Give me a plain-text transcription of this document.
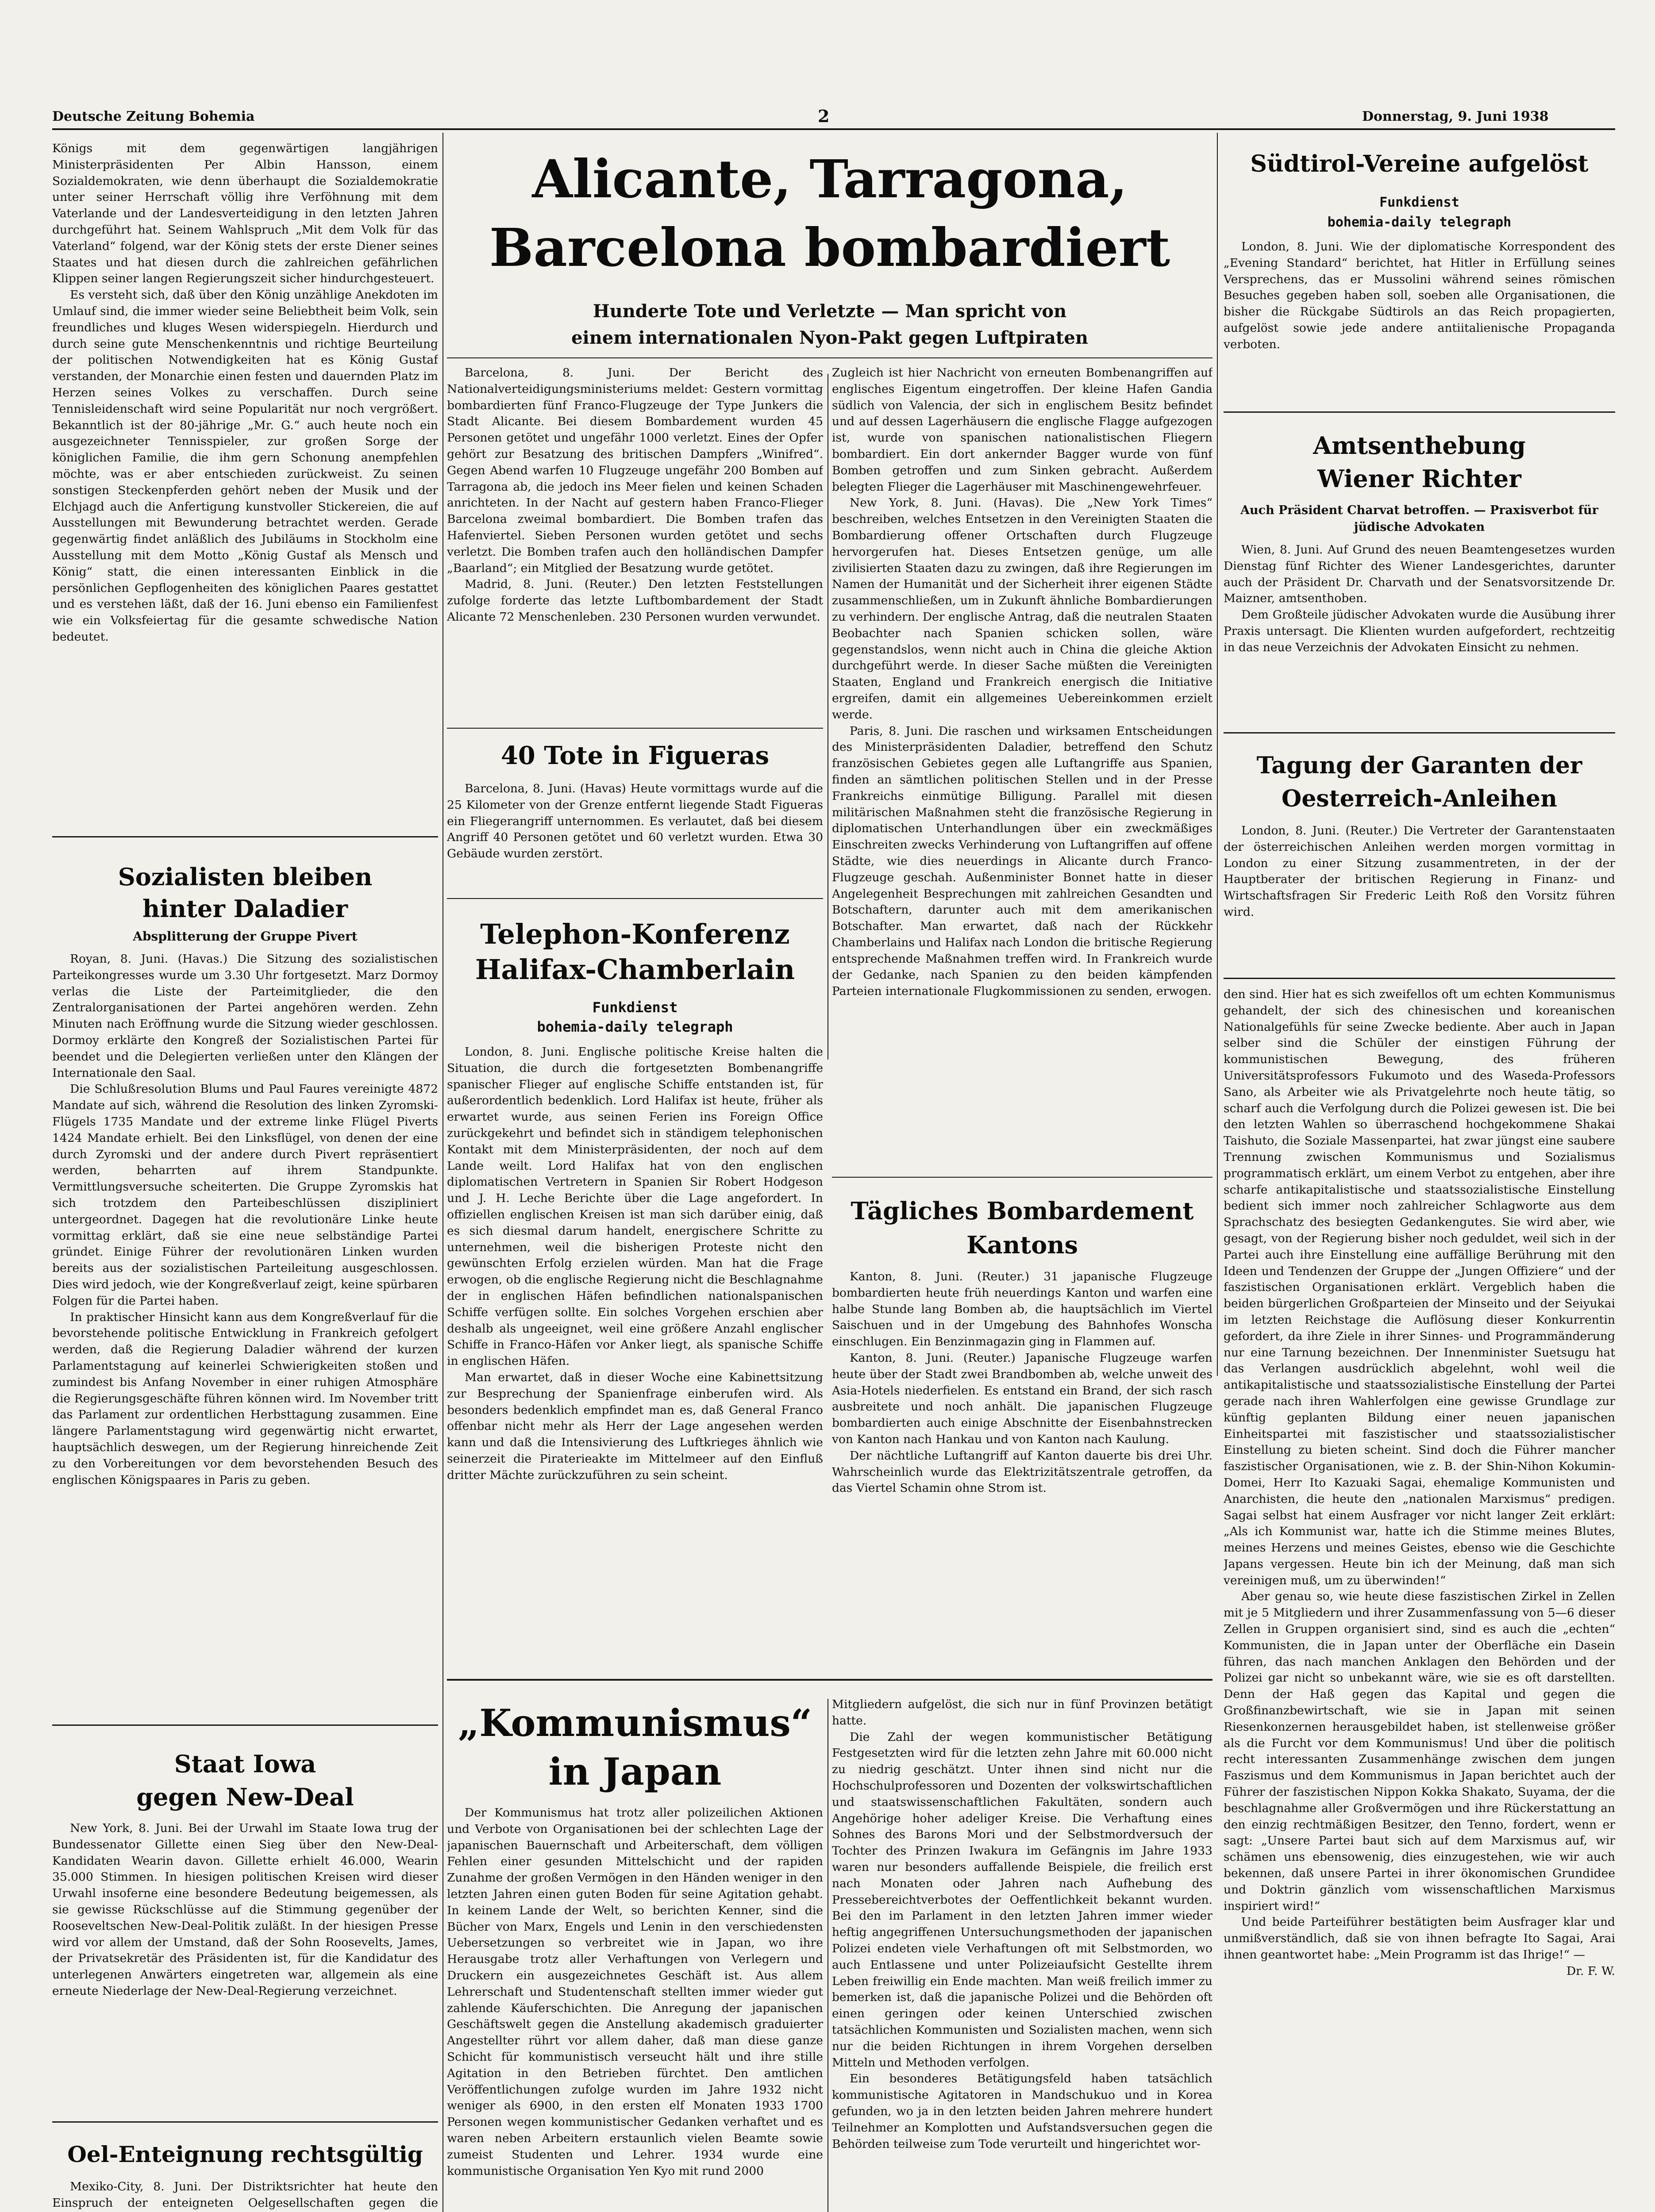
Deutsche Zeitung Bohemia	2	Donnerstag, 9. Juni 1938

Königs mit dem gegenwärtigen langjährigen Ministerpräsidenten Per Albin Hansson, einem Sozialdemokraten, wie denn überhaupt die Sozialdemokratie unter seiner Herrschaft völlig ihre Verföhnung mit dem Vaterlande und der Landesverteidigung in den letzten Jahren durchgeführt hat. Seinem Wahlspruch „Mit dem Volk für das Vaterland“ folgend, war der König stets der erste Diener seines Staates und hat diesen durch die zahlreichen gefährlichen Klippen seiner langen Regierungszeit sicher hindurchgesteuert.

Es versteht sich, daß über den König unzählige Anekdoten im Umlauf sind, die immer wieder seine Beliebtheit beim Volk, sein freundliches und kluges Wesen widerspiegeln. Hierdurch und durch seine gute Menschenkenntnis und richtige Beurteilung der politischen Notwendigkeiten hat es König Gustaf verstanden, der Monarchie einen festen und dauernden Platz im Herzen seines Volkes zu verschaffen. Durch seine Tennisleidenschaft wird seine Popularität nur noch vergrößert. Bekanntlich ist der 80-jährige „Mr. G.“ auch heute noch ein ausgezeichneter Tennisspieler, zur großen Sorge der königlichen Familie, die ihm gern Schonung anempfehlen möchte, was er aber entschieden zurückweist. Zu seinen sonstigen Steckenpferden gehört neben der Musik und der Elchjagd auch die Anfertigung kunstvoller Stickereien, die auf Ausstellungen mit Bewunderung betrachtet werden. Gerade gegenwärtig findet anläßlich des Jubiläums in Stockholm eine Ausstellung mit dem Motto „König Gustaf als Mensch und König“ statt, die einen interessanten Einblick in die persönlichen Gepflogenheiten des königlichen Paares gestattet und es verstehen läßt, daß der 16. Juni ebenso ein Familienfest wie ein Volksfeiertag für die gesamte schwedische Nation bedeutet.

Sozialisten bleiben
hinter Daladier
Absplitterung der Gruppe Pivert

Royan, 8. Juni. (Havas.) Die Sitzung des sozialistischen Parteikongresses wurde um 3.30 Uhr fortgesetzt. Marz Dormoy verlas die Liste der Parteimitglieder, die den Zentralorganisationen der Partei angehören werden. Zehn Minuten nach Eröffnung wurde die Sitzung wieder geschlossen. Dormoy erklärte den Kongreß der Sozialistischen Partei für beendet und die Delegierten verließen unter den Klängen der Internationale den Saal.

Die Schlußresolution Blums und Paul Faures vereinigte 4872 Mandate auf sich, während die Resolution des linken Zyromski-Flügels 1735 Mandate und der extreme linke Flügel Piverts 1424 Mandate erhielt. Bei den Linksflügel, von denen der eine durch Zyromski und der andere durch Pivert repräsentiert werden, beharrten auf ihrem Standpunkte. Vermittlungsversuche scheiterten. Die Gruppe Zyromskis hat sich trotzdem den Parteibeschlüssen diszipliniert untergeordnet. Dagegen hat die revolutionäre Linke heute vormittag erklärt, daß sie eine neue selbständige Partei gründet. Einige Führer der revolutionären Linken wurden bereits aus der sozialistischen Parteileitung ausgeschlossen. Dies wird jedoch, wie der Kongreßverlauf zeigt, keine spürbaren Folgen für die Partei haben.

In praktischer Hinsicht kann aus dem Kongreßverlauf für die bevorstehende politische Entwicklung in Frankreich gefolgert werden, daß die Regierung Daladier während der kurzen Parlamentstagung auf keinerlei Schwierigkeiten stoßen und zumindest bis Anfang November in einer ruhigen Atmosphäre die Regierungsgeschäfte führen können wird. Im November tritt das Parlament zur ordentlichen Herbsttagung zusammen. Eine längere Parlamentstagung wird gegenwärtig nicht erwartet, hauptsächlich deswegen, um der Regierung hinreichende Zeit zu den Vorbereitungen vor dem bevorstehenden Besuch des englischen Königspaares in Paris zu geben.

Staat Iowa
gegen New-Deal

New York, 8. Juni. Bei der Urwahl im Staate Iowa trug der Bundessenator Gillette einen Sieg über den New-Deal-Kandidaten Wearin davon. Gillette erhielt 46.000, Wearin 35.000 Stimmen. In hiesigen politischen Kreisen wird dieser Urwahl insoferne eine besondere Bedeutung beigemessen, als sie gewisse Rückschlüsse auf die Stimmung gegenüber der Rooseveltschen New-Deal-Politik zuläßt. In der hiesigen Presse wird vor allem der Umstand, daß der Sohn Roosevelts, James, der Privatsekretär des Präsidenten ist, für die Kandidatur des unterlegenen Anwärters eingetreten war, allgemein als eine erneute Niederlage der New-Deal-Regierung verzeichnet.

Oel-Enteignung rechtsgültig

Mexiko-City, 8. Juni. Der Distriktsrichter hat heute den Einspruch der enteigneten Oelgesellschaften gegen die

Alicante, Tarragona,
Barcelona bombardiert
Hunderte Tote und Verletzte — Man spricht von
einem internationalen Nyon-Pakt gegen Luftpiraten

Barcelona, 8. Juni. Der Bericht des Nationalverteidigungsministeriums meldet: Gestern vormittag bombardierten fünf Franco-Flugzeuge der Type Junkers die Stadt Alicante. Bei diesem Bombardement wurden 45 Personen getötet und ungefähr 1000 verletzt. Eines der Opfer gehört zur Besatzung des britischen Dampfers „Winifred“. Gegen Abend warfen 10 Flugzeuge ungefähr 200 Bomben auf Tarragona ab, die jedoch ins Meer fielen und keinen Schaden anrichteten. In der Nacht auf gestern haben Franco-Flieger Barcelona zweimal bombardiert. Die Bomben trafen das Hafenviertel. Sieben Personen wurden getötet und sechs verletzt. Die Bomben trafen auch den holländischen Dampfer „Baarland“; ein Mitglied der Besatzung wurde getötet.

Madrid, 8. Juni. (Reuter.) Den letzten Feststellungen zufolge forderte das letzte Luftbombardement der Stadt Alicante 72 Menschenleben. 230 Personen wurden verwundet.

40 Tote in Figueras

Barcelona, 8. Juni. (Havas) Heute vormittags wurde auf die 25 Kilometer von der Grenze entfernt liegende Stadt Figueras ein Fliegerangriff unternommen. Es verlautet, daß bei diesem Angriff 40 Personen getötet und 60 verletzt wurden. Etwa 30 Gebäude wurden zerstört.

Telephon-Konferenz
Halifax-Chamberlain
Funkdienst
bohemia-daily telegraph

London, 8. Juni. Englische politische Kreise halten die Situation, die durch die fortgesetzten Bombenangriffe spanischer Flieger auf englische Schiffe entstanden ist, für außerordentlich bedenklich. Lord Halifax ist heute, früher als erwartet wurde, aus seinen Ferien ins Foreign Office zurückgekehrt und befindet sich in ständigem telephonischen Kontakt mit dem Ministerpräsidenten, der noch auf dem Lande weilt. Lord Halifax hat von den englischen diplomatischen Vertretern in Spanien Sir Robert Hodgeson und J. H. Leche Berichte über die Lage angefordert. In offiziellen englischen Kreisen ist man sich darüber einig, daß es sich diesmal darum handelt, energischere Schritte zu unternehmen, weil die bisherigen Proteste nicht den gewünschten Erfolg erzielen würden. Man hat die Frage erwogen, ob die englische Regierung nicht die Beschlagnahme der in englischen Häfen befindlichen nationalspanischen Schiffe verfügen sollte. Ein solches Vorgehen erschien aber deshalb als ungeeignet, weil eine größere Anzahl englischer Schiffe in Franco-Häfen vor Anker liegt, als spanische Schiffe in englischen Häfen.

Man erwartet, daß in dieser Woche eine Kabinettsitzung zur Besprechung der Spanienfrage einberufen wird. Als besonders bedenklich empfindet man es, daß General Franco offenbar nicht mehr als Herr der Lage angesehen werden kann und daß die Intensivierung des Luftkrieges ähnlich wie seinerzeit die Piraterieakte im Mittelmeer auf den Einfluß dritter Mächte zurückzuführen zu sein scheint.

Zugleich ist hier Nachricht von erneuten Bombenangriffen auf englisches Eigentum eingetroffen. Der kleine Hafen Gandia südlich von Valencia, der sich in englischem Besitz befindet und auf dessen Lagerhäusern die englische Flagge aufgezogen ist, wurde von spanischen nationalistischen Fliegern bombardiert. Ein dort ankernder Bagger wurde von fünf Bomben getroffen und zum Sinken gebracht. Außerdem belegten Flieger die Lagerhäuser mit Maschinengewehrfeuer.

New York, 8. Juni. (Havas). Die „New York Times“ beschreiben, welches Entsetzen in den Vereinigten Staaten die Bombardierung offener Ortschaften durch Flugzeuge hervorgerufen hat. Dieses Entsetzen genüge, um alle zivilisierten Staaten dazu zu zwingen, daß ihre Regierungen im Namen der Humanität und der Sicherheit ihrer eigenen Städte zusammenschließen, um in Zukunft ähnliche Bombardierungen zu verhindern. Der englische Antrag, daß die neutralen Staaten Beobachter nach Spanien schicken sollen, wäre gegenstandslos, wenn nicht auch in China die gleiche Aktion durchgeführt werde. In dieser Sache müßten die Vereinigten Staaten, England und Frankreich energisch die Initiative ergreifen, damit ein allgemeines Uebereinkommen erzielt werde.

Paris, 8. Juni. Die raschen und wirksamen Entscheidungen des Ministerpräsidenten Daladier, betreffend den Schutz französischen Gebietes gegen alle Luftangriffe aus Spanien, finden an sämtlichen politischen Stellen und in der Presse Frankreichs einmütige Billigung. Parallel mit diesen militärischen Maßnahmen steht die französische Regierung in diplomatischen Unterhandlungen über ein zweckmäßiges Einschreiten zwecks Verhinderung von Luftangriffen auf offene Städte, wie dies neuerdings in Alicante durch Franco-Flugzeuge geschah. Außenminister Bonnet hatte in dieser Angelegenheit Besprechungen mit zahlreichen Gesandten und Botschaftern, darunter auch mit dem amerikanischen Botschafter. Man erwartet, daß nach der Rückkehr Chamberlains und Halifax nach London die britische Regierung entsprechende Maßnahmen treffen wird. In Frankreich wurde der Gedanke, nach Spanien zu den beiden kämpfenden Parteien internationale Flugkommissionen zu senden, erwogen.

Tägliches Bombardement
Kantons

Kanton, 8. Juni. (Reuter.) 31 japanische Flugzeuge bombardierten heute früh neuerdings Kanton und warfen eine halbe Stunde lang Bomben ab, die hauptsächlich im Viertel Saischuen und in der Umgebung des Bahnhofes Wonscha einschlugen. Ein Benzinmagazin ging in Flammen auf.

Kanton, 8. Juni. (Reuter.) Japanische Flugzeuge warfen heute über der Stadt zwei Brandbomben ab, welche unweit des Asia-Hotels niederfielen. Es entstand ein Brand, der sich rasch ausbreitete und noch anhält. Die japanischen Flugzeuge bombardierten auch einige Abschnitte der Eisenbahnstrecken von Kanton nach Hankau und von Kanton nach Kaulung.

Der nächtliche Luftangriff auf Kanton dauerte bis drei Uhr. Wahrscheinlich wurde das Elektrizitätszentrale getroffen, da das Viertel Schamin ohne Strom ist.

„Kommunismus“
in Japan

Der Kommunismus hat trotz aller polizeilichen Aktionen und Verbote von Organisationen bei der schlechten Lage der japanischen Bauernschaft und Arbeiterschaft, dem völligen Fehlen einer gesunden Mittelschicht und der rapiden Zunahme der großen Vermögen in den Händen weniger in den letzten Jahren einen guten Boden für seine Agitation gehabt. In keinem Lande der Welt, so berichten Kenner, sind die Bücher von Marx, Engels und Lenin in den verschiedensten Uebersetzungen so verbreitet wie in Japan, wo ihre Herausgabe trotz aller Verhaftungen von Verlegern und Druckern ein ausgezeichnetes Geschäft ist. Aus allem Lehrerschaft und Studentenschaft stellten immer wieder gut zahlende Käuferschichten. Die Anregung der japanischen Geschäftswelt gegen die Anstellung akademisch graduierter Angestellter rührt vor allem daher, daß man diese ganze Schicht für kommunistisch verseucht hält und ihre stille Agitation in den Betrieben fürchtet. Den amtlichen Veröffentlichungen zufolge wurden im Jahre 1932 nicht weniger als 6900, in den ersten elf Monaten 1933 1700 Personen wegen kommunistischer Gedanken verhaftet und es waren neben Arbeitern erstaunlich vielen Beamte sowie zumeist Studenten und Lehrer. 1934 wurde eine kommunistische Organisation Yen Kyo mit rund 2000

Mitgliedern aufgelöst, die sich nur in fünf Provinzen betätigt hatte.

Die Zahl der wegen kommunistischer Betätigung Festgesetzten wird für die letzten zehn Jahre mit 60.000 nicht zu niedrig geschätzt. Unter ihnen sind nicht nur die Hochschulprofessoren und Dozenten der volkswirtschaftlichen und staatswissenschaftlichen Fakultäten, sondern auch Angehörige hoher adeliger Kreise. Die Verhaftung eines Sohnes des Barons Mori und der Selbstmordversuch der Tochter des Prinzen Iwakura im Gefängnis im Jahre 1933 waren nur besonders auffallende Beispiele, die freilich erst nach Monaten oder Jahren nach Aufhebung des Pressebereichtverbotes der Oeffentlichkeit bekannt wurden. Bei den im Parlament in den letzten Jahren immer wieder heftig angegriffenen Untersuchungsmethoden der japanischen Polizei endeten viele Verhaftungen oft mit Selbstmorden, wo auch Entlassene und unter Polizeiaufsicht Gestellte ihrem Leben freiwillig ein Ende machten. Man weiß freilich immer zu bemerken ist, daß die japanische Polizei und die Behörden oft einen geringen oder keinen Unterschied zwischen tatsächlichen Kommunisten und Sozialisten machen, wenn sich nur die beiden Richtungen in ihrem Vorgehen derselben Mitteln und Methoden verfolgen.

Ein besonderes Betätigungsfeld haben tatsächlich kommunistische Agitatoren in Mandschukuo und in Korea gefunden, wo ja in den letzten beiden Jahren mehrere hundert Teilnehmer an Komplotten und Aufstandsversuchen gegen die Behörden teilweise zum Tode verurteilt und hingerichtet wor-

Südtirol-Vereine aufgelöst
Funkdienst
bohemia-daily telegraph

London, 8. Juni. Wie der diplomatische Korrespondent des „Evening Standard“ berichtet, hat Hitler in Erfüllung seines Versprechens, das er Mussolini während seines römischen Besuches gegeben haben soll, soeben alle Organisationen, die bisher die Rückgabe Südtirols an das Reich propagierten, aufgelöst sowie jede andere antiitalienische Propaganda verboten.

Amtsenthebung
Wiener Richter
Auch Präsident Charvat betroffen. — Praxisverbot für jüdische Advokaten

Wien, 8. Juni. Auf Grund des neuen Beamtengesetzes wurden Dienstag fünf Richter des Wiener Landesgerichtes, darunter auch der Präsident Dr. Charvath und der Senatsvorsitzende Dr. Maizner, amtsenthoben.

Dem Großteile jüdischer Advokaten wurde die Ausübung ihrer Praxis untersagt. Die Klienten wurden aufgefordert, rechtzeitig in das neue Verzeichnis der Advokaten Einsicht zu nehmen.

Tagung der Garanten der
Oesterreich-Anleihen

London, 8. Juni. (Reuter.) Die Vertreter der Garantenstaaten der österreichischen Anleihen werden morgen vormittag in London zu einer Sitzung zusammentreten, in der der Hauptberater der britischen Regierung in Finanz- und Wirtschaftsfragen Sir Frederic Leith Roß den Vorsitz führen wird.

den sind. Hier hat es sich zweifellos oft um echten Kommunismus gehandelt, der sich des chinesischen und koreanischen Nationalgefühls für seine Zwecke bediente. Aber auch in Japan selber sind die Schüler der einstigen Führung der kommunistischen Bewegung, des früheren Universitätsprofessors Fukumoto und des Waseda-Professors Sano, als Arbeiter wie als Privatgelehrte noch heute tätig, so scharf auch die Verfolgung durch die Polizei gewesen ist. Die bei den letzten Wahlen so überraschend hochgekommene Shakai Taishuto, die Soziale Massenpartei, hat zwar jüngst eine saubere Trennung zwischen Kommunismus und Sozialismus programmatisch erklärt, um einem Verbot zu entgehen, aber ihre scharfe antikapitalistische und staatssozialistische Einstellung bedient sich immer noch zahlreicher Schlagworte aus dem Sprachschatz des besiegten Gedankengutes. Sie wird aber, wie gesagt, von der Regierung bisher noch geduldet, weil sich in der Partei auch ihre Einstellung eine auffällige Berührung mit den Ideen und Tendenzen der Gruppe der „Jungen Offiziere“ und der faszistischen Organisationen erklärt. Vergeblich haben die beiden bürgerlichen Großparteien der Minseito und der Seiyukai im letzten Reichstage die Auflösung dieser Konkurrentin gefordert, da ihre Ziele in ihrer Sinnes- und Programmänderung nur eine Tarnung bezeichnen. Der Innenminister Suetsugu hat das Verlangen ausdrücklich abgelehnt, wohl weil die antikapitalistische und staatssozialistische Einstellung der Partei gerade nach ihren Wahlerfolgen eine gewisse Grundlage zur künftig geplanten Bildung einer neuen japanischen Einheitspartei mit faszistischer und staatssozialistischer Einstellung zu bieten scheint. Sind doch die Führer mancher faszistischer Organisationen, wie z. B. der Shin-Nihon Kokumin-Domei, Herr Ito Kazuaki Sagai, ehemalige Kommunisten und Anarchisten, die heute den „nationalen Marxismus“ predigen. Sagai selbst hat einem Ausfrager vor nicht langer Zeit erklärt: „Als ich Kommunist war, hatte ich die Stimme meines Blutes, meines Herzens und meines Geistes, ebenso wie die Geschichte Japans vergessen. Heute bin ich der Meinung, daß man sich vereinigen muß, um zu überwinden!“

Aber genau so, wie heute diese faszistischen Zirkel in Zellen mit je 5 Mitgliedern und ihrer Zusammenfassung von 5—6 dieser Zellen in Gruppen organisiert sind, sind es auch die „echten“ Kommunisten, die in Japan unter der Oberfläche ein Dasein führen, das nach manchen Anklagen den Behörden und der Polizei gar nicht so unbekannt wäre, wie sie es oft darstellten. Denn der Haß gegen das Kapital und gegen die Großfinanzbewirtschaft, wie sie in Japan mit seinen Riesenkonzernen herausgebildet haben, ist stellenweise größer als die Furcht vor dem Kommunismus! Und über die politisch recht interessanten Zusammenhänge zwischen dem jungen Faszismus und dem Kommunismus in Japan berichtet auch der Führer der faszistischen Nippon Kokka Shakato, Suyama, der die beschlagnahme aller Großvermögen und ihre Rückerstattung an den einzig rechtmäßigen Besitzer, den Tenno, fordert, wenn er sagt: „Unsere Partei baut sich auf dem Marxismus auf, wir schämen uns ebensowenig, dies einzugestehen, wie wir auch bekennen, daß unsere Partei in ihrer ökonomischen Grundidee und Doktrin gänzlich vom wissenschaftlichen Marxismus inspiriert wird!“

Und beide Parteiführer bestätigten beim Ausfrager klar und unmißverständlich, daß sie von ihnen befragte Ito Sagai, Arai ihnen geantwortet habe: „Mein Programm ist das Ihrige!“ —

Dr. F. W.
